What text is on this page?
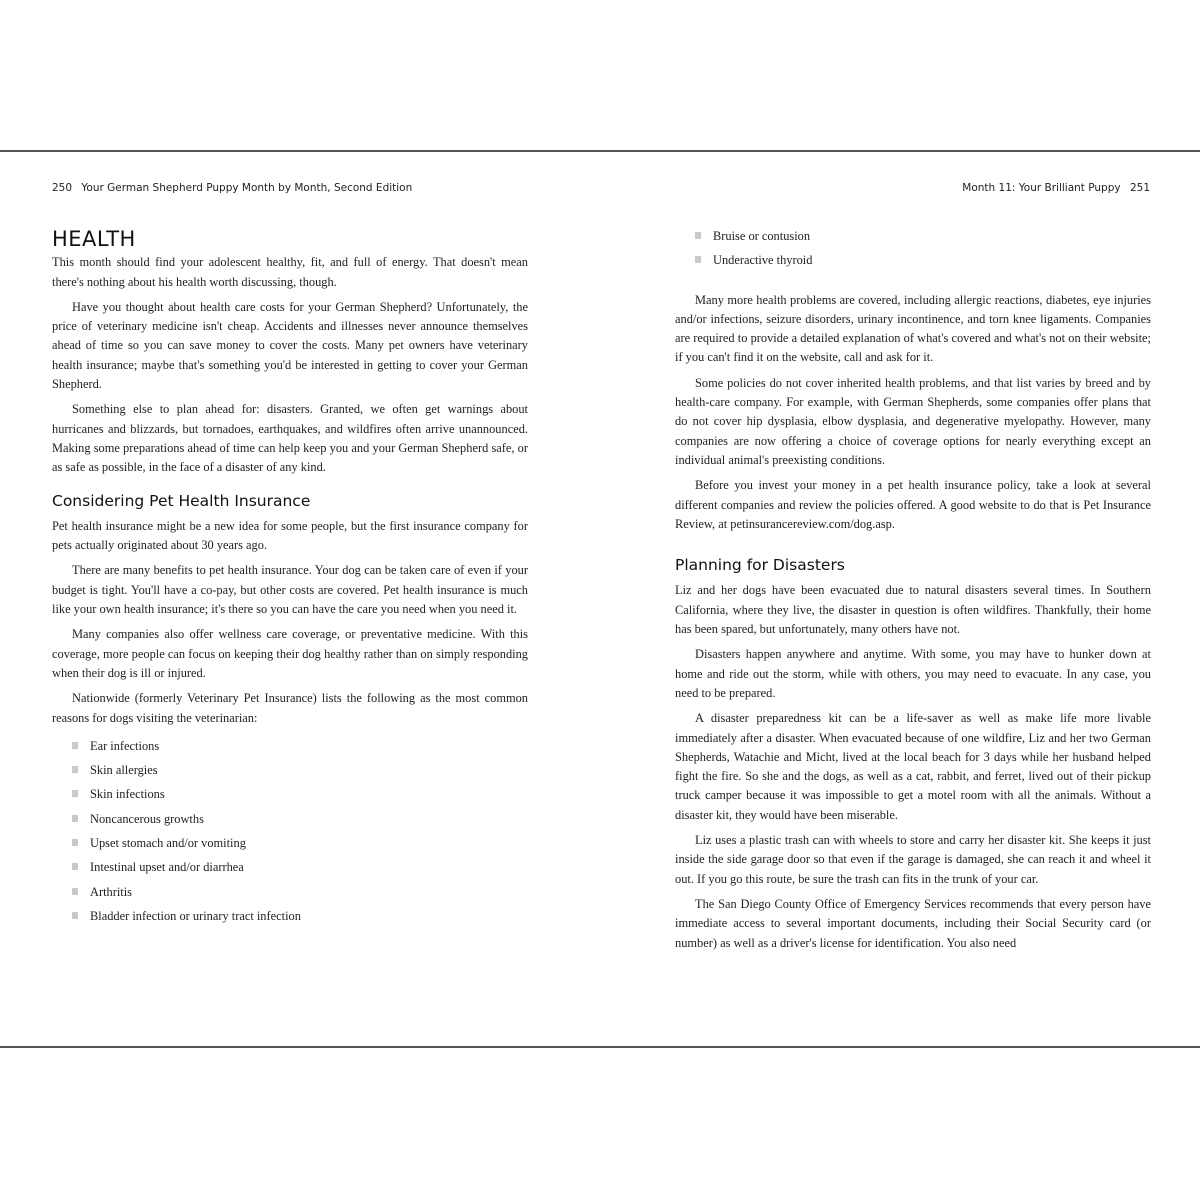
250 Your German Shepherd Puppy Month by Month, Second Edition
HEALTH

This month should find your adolescent healthy, fit, and full of energy. That doesn't mean there's nothing about his health worth discussing, though.

Have you thought about health care costs for your German Shepherd? Unfortunately, the price of veterinary medicine isn't cheap. Accidents and illnesses never announce themselves ahead of time so you can save money to cover the costs. Many pet owners have veterinary health insurance; maybe that's something you'd be interested in getting to cover your German Shepherd.

Something else to plan ahead for: disasters. Granted, we often get warnings about hurricanes and blizzards, but tornadoes, earthquakes, and wildfires often arrive unannounced. Making some preparations ahead of time can help keep you and your German Shepherd safe, or as safe as possible, in the face of a disaster of any kind.

Considering Pet Health Insurance

Pet health insurance might be a new idea for some people, but the first insurance company for pets actually originated about 30 years ago.

There are many benefits to pet health insurance. Your dog can be taken care of even if your budget is tight. You'll have a co-pay, but other costs are covered. Pet health insurance is much like your own health insurance; it's there so you can have the care you need when you need it.

Many companies also offer wellness care coverage, or preventative medicine. With this coverage, more people can focus on keeping their dog healthy rather than on simply responding when their dog is ill or injured.

Nationwide (formerly Veterinary Pet Insurance) lists the following as the most common reasons for dogs visiting the veterinarian:

Ear infections
Skin allergies
Skin infections
Noncancerous growths
Upset stomach and/or vomiting
Intestinal upset and/or diarrhea
Arthritis
Bladder infection or urinary tract infection
Month 11: Your Brilliant Puppy 251
Bruise or contusion
Underactive thyroid

Many more health problems are covered, including allergic reactions, diabetes, eye injuries and/or infections, seizure disorders, urinary incontinence, and torn knee ligaments. Companies are required to provide a detailed explanation of what's covered and what's not on their website; if you can't find it on the website, call and ask for it.

Some policies do not cover inherited health problems, and that list varies by breed and by health-care company. For example, with German Shepherds, some companies offer plans that do not cover hip dysplasia, elbow dysplasia, and degenerative myelopathy. However, many companies are now offering a choice of coverage options for nearly everything except an individual animal's preexisting conditions.

Before you invest your money in a pet health insurance policy, take a look at several different companies and review the policies offered. A good website to do that is Pet Insurance Review, at petinsurancereview.com/dog.asp.

Planning for Disasters

Liz and her dogs have been evacuated due to natural disasters several times. In Southern California, where they live, the disaster in question is often wildfires. Thankfully, their home has been spared, but unfortunately, many others have not.

Disasters happen anywhere and anytime. With some, you may have to hunker down at home and ride out the storm, while with others, you may need to evacuate. In any case, you need to be prepared.

A disaster preparedness kit can be a life-saver as well as make life more livable immediately after a disaster. When evacuated because of one wildfire, Liz and her two German Shepherds, Watachie and Micht, lived at the local beach for 3 days while her husband helped fight the fire. So she and the dogs, as well as a cat, rabbit, and ferret, lived out of their pickup truck camper because it was impossible to get a motel room with all the animals. Without a disaster kit, they would have been miserable.

Liz uses a plastic trash can with wheels to store and carry her disaster kit. She keeps it just inside the side garage door so that even if the garage is damaged, she can reach it and wheel it out. If you go this route, be sure the trash can fits in the trunk of your car.

The San Diego County Office of Emergency Services recommends that every person have immediate access to several important documents, including their Social Security card (or number) as well as a driver's license for identification. You also need
